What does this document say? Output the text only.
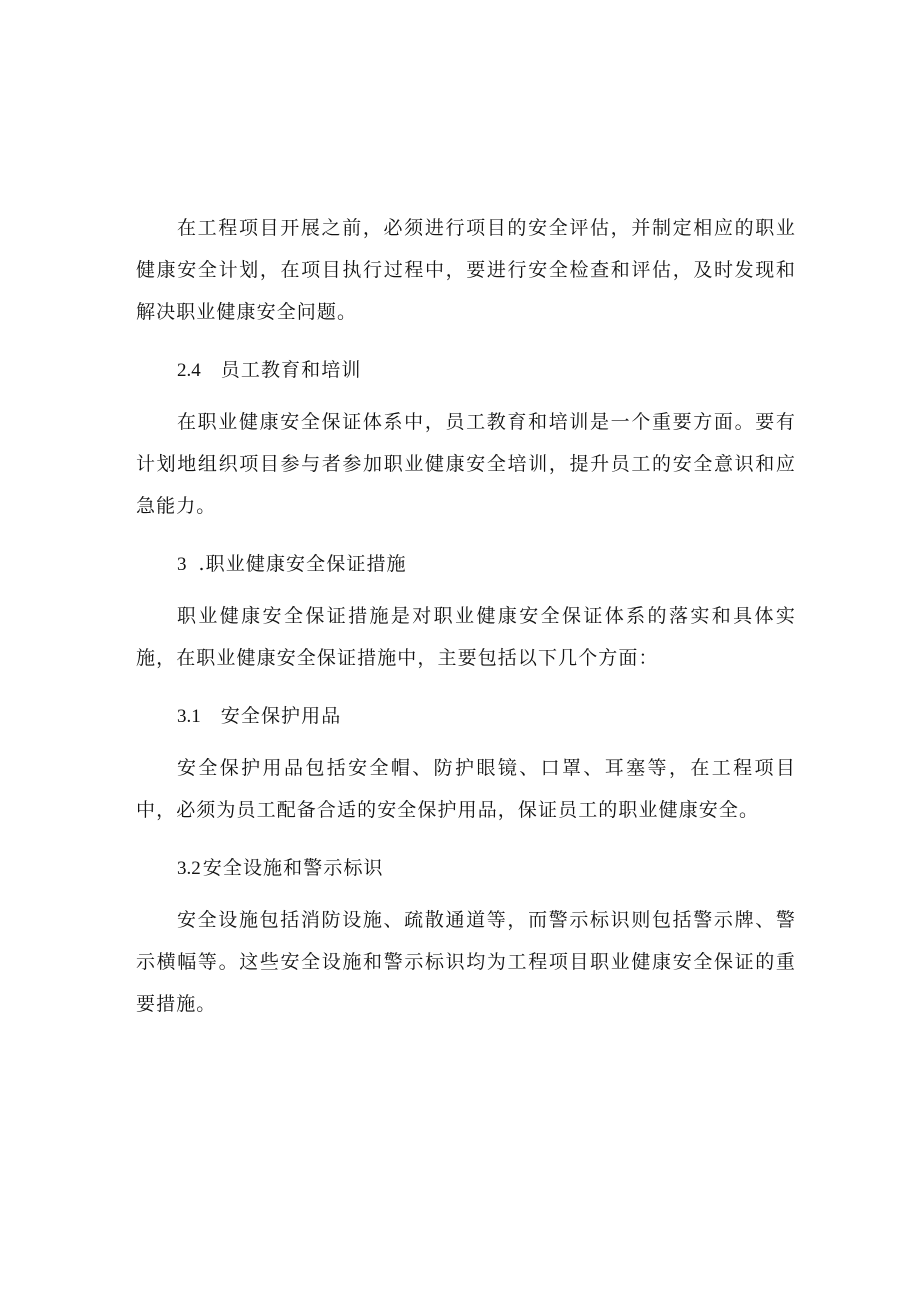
在工程项目开展之前，必须进行项目的安全评估，并制定相应的职业健康安全计划，在项目执行过程中，要进行安全检查和评估，及时发现和解决职业健康安全问题。

2.4 员工教育和培训

在职业健康安全保证体系中，员工教育和培训是一个重要方面。要有计划地组织项目参与者参加职业健康安全培训，提升员工的安全意识和应急能力。

3 .职业健康安全保证措施

职业健康安全保证措施是对职业健康安全保证体系的落实和具体实施，在职业健康安全保证措施中，主要包括以下几个方面：

3.1 安全保护用品

安全保护用品包括安全帽、防护眼镜、口罩、耳塞等，在工程项目中，必须为员工配备合适的安全保护用品，保证员工的职业健康安全。

3.2 安全设施和警示标识

安全设施包括消防设施、疏散通道等，而警示标识则包括警示牌、警示横幅等。这些安全设施和警示标识均为工程项目职业健康安全保证的重要措施。
